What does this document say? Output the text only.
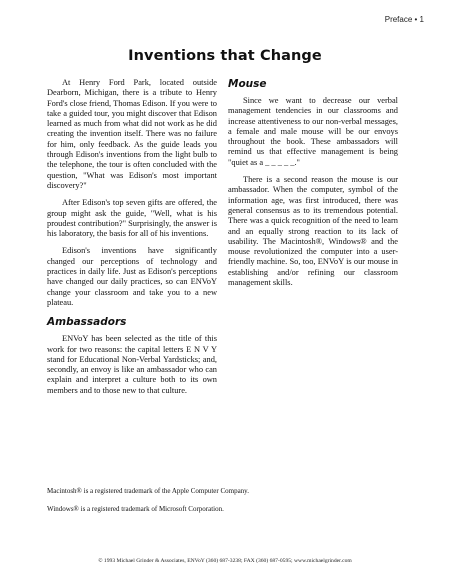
Preface • 1
Inventions that Change

At Henry Ford Park, located outside Dearborn, Michigan, there is a tribute to Henry Ford's close friend, Thomas Edison. If you were to take a guided tour, you might discover that Edison learned as much from what did not work as he did creating the invention itself. There was no failure for him, only feedback. As the guide leads you through Edison's inventions from the light bulb to the telephone, the tour is often concluded with the question, "What was Edison's most important discovery?"

After Edison's top seven gifts are offered, the group might ask the guide, "Well, what is his proudest contribution?" Surprisingly, the answer is his laboratory, the basis for all of his inventions.

Edison's inventions have significantly changed our perceptions of technology and practices in daily life. Just as Edison's perceptions have changed our daily practices, so can ENVoY change your classroom and take you to a new plateau.

Ambassadors

ENVoY has been selected as the title of this work for two reasons: the capital letters E N V Y stand for Educational Non-Verbal Yardsticks; and, secondly, an envoy is like an ambassador who can explain and interpret a culture both to its own members and to those new to that culture.

Mouse

Since we want to decrease our verbal management tendencies in our classrooms and increase attentiveness to our non-verbal messages, a female and male mouse will be our envoys throughout the book. These ambassadors will remind us that effective management is being "quiet as a _ _ _ _ _."

There is a second reason the mouse is our ambassador. When the computer, symbol of the information age, was first introduced, there was general consensus as to its tremendous potential. There was a quick recognition of the need to learn and an equally strong reaction to its lack of usability. The Macintosh®, Windows® and the mouse revolutionized the computer into a user-friendly machine. So, too, ENVoY is our mouse in establishing and/or refining our classroom management skills.

Macintosh® is a registered trademark of the Apple Computer Company.
Windows® is a registered trademark of Microsoft Corporation.
© 1993 Michael Grinder & Associates, ENVoY (360) 687-3238; FAX (360) 687-0595; www.michaelgrinder.com
